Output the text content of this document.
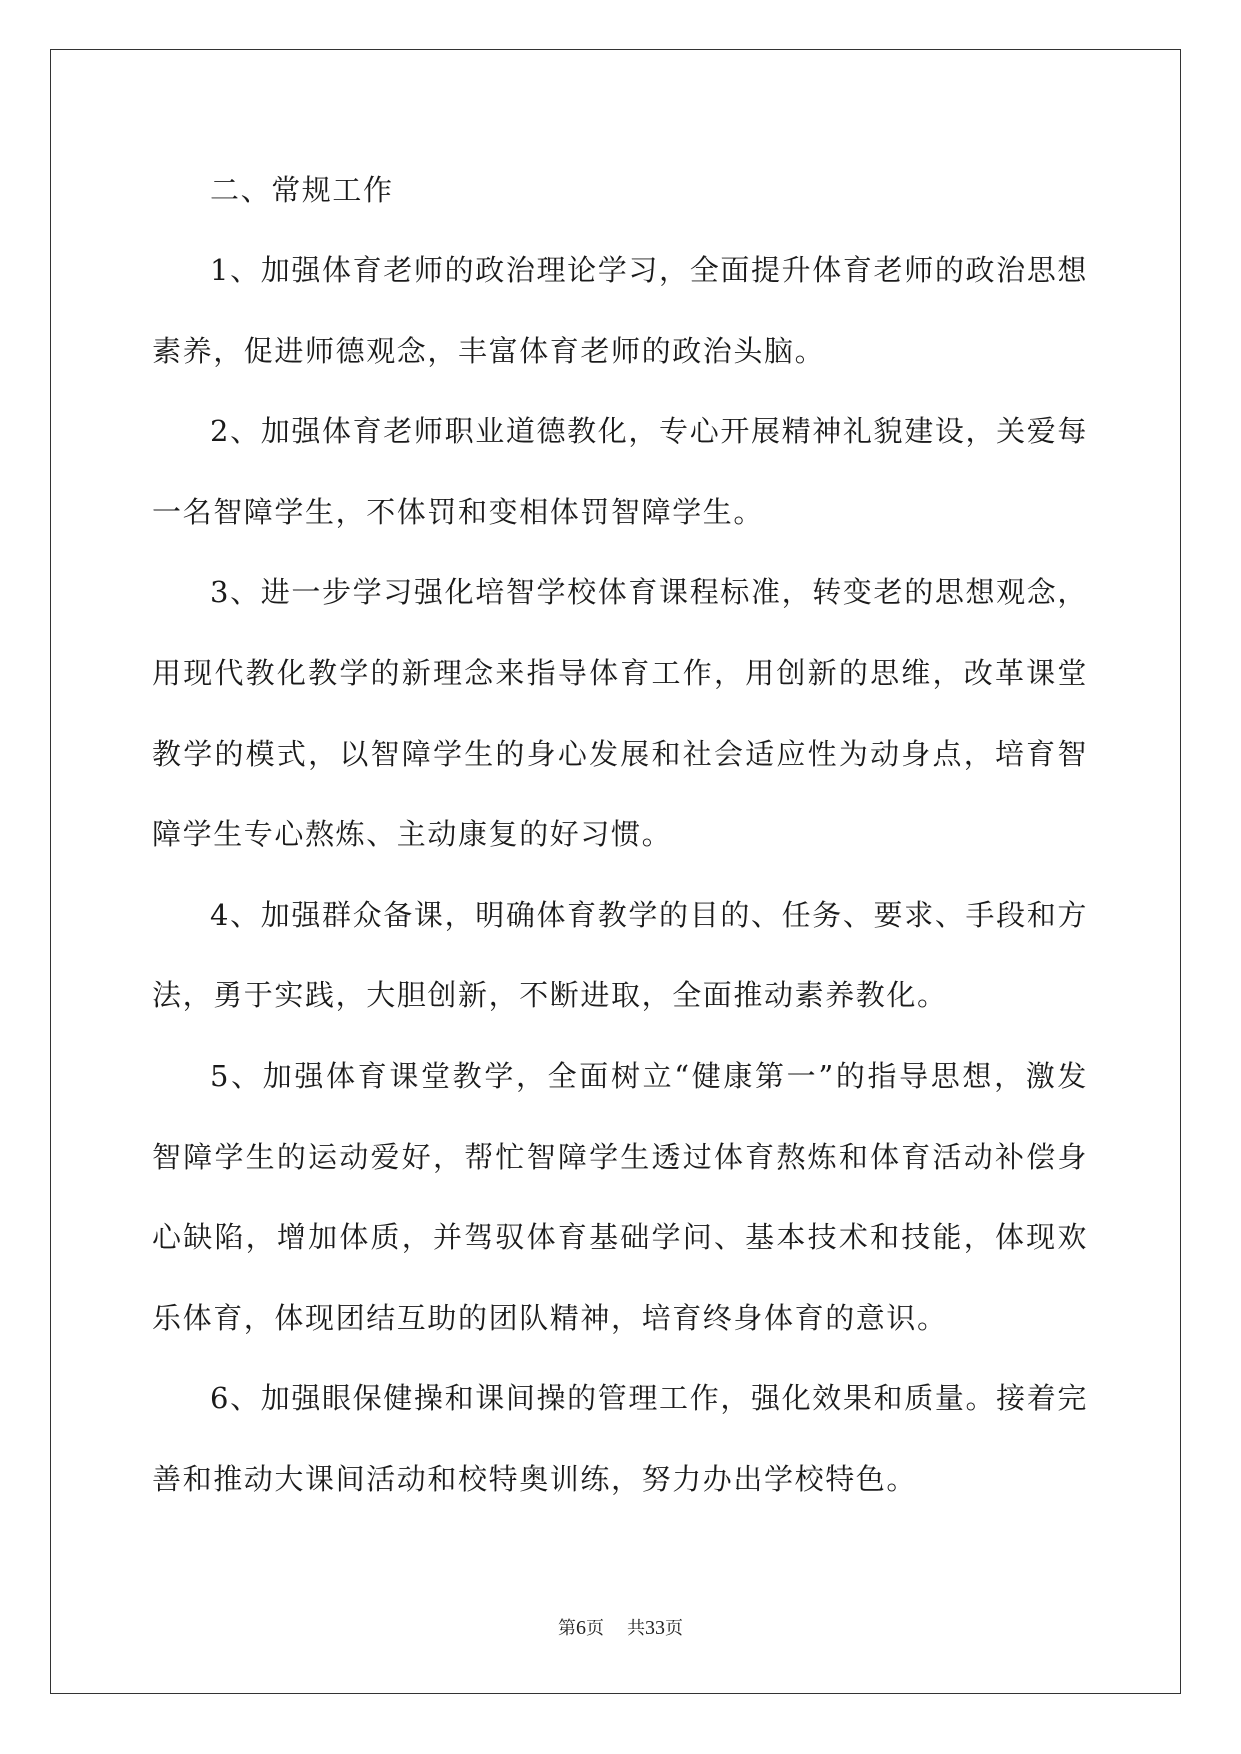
二、常规工作

1、加强体育老师的政治理论学习，全面提升体育老师的政治思想素养，促进师德观念，丰富体育老师的政治头脑。

2、加强体育老师职业道德教化，专心开展精神礼貌建设，关爱每一名智障学生，不体罚和变相体罚智障学生。

3、进一步学习强化培智学校体育课程标准，转变老的思想观念，用现代教化教学的新理念来指导体育工作，用创新的思维，改革课堂教学的模式，以智障学生的身心发展和社会适应性为动身点，培育智障学生专心熬炼、主动康复的好习惯。

4、加强群众备课，明确体育教学的目的、任务、要求、手段和方法，勇于实践，大胆创新，不断进取，全面推动素养教化。

5、加强体育课堂教学，全面树立“健康第一”的指导思想，激发智障学生的运动爱好，帮忙智障学生透过体育熬炼和体育活动补偿身心缺陷，增加体质，并驾驭体育基础学问、基本技术和技能，体现欢乐体育，体现团结互助的团队精神，培育终身体育的意识。

6、加强眼保健操和课间操的管理工作，强化效果和质量。接着完善和推动大课间活动和校特奥训练，努力办出学校特色。

第6页 共33页
